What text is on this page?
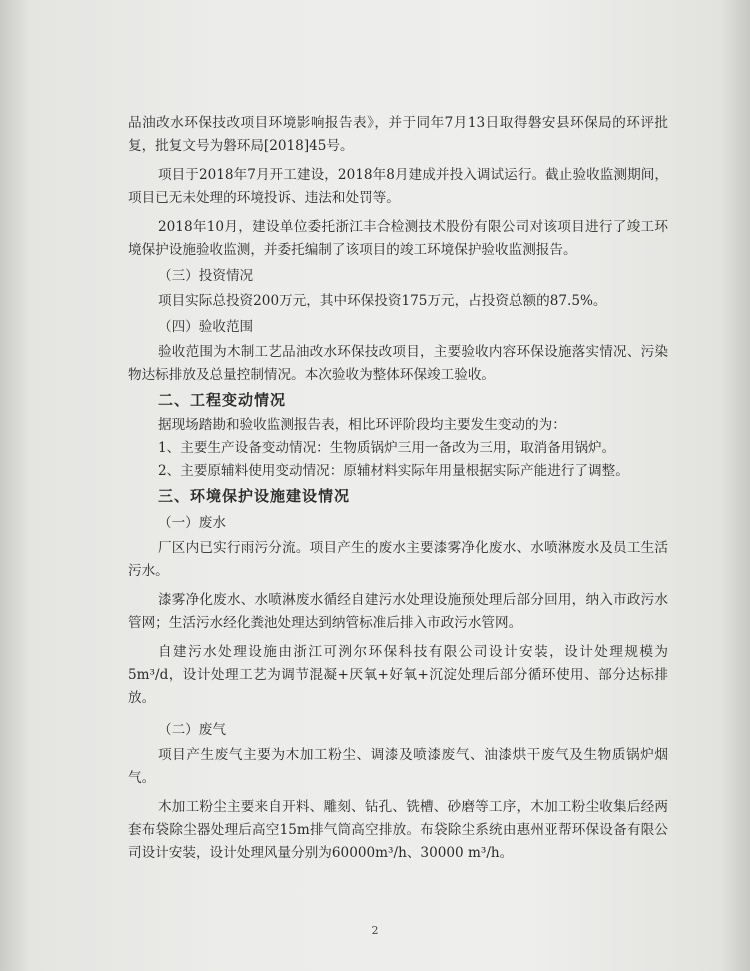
品油改水环保技改项目环境影响报告表》，并于同年7月13日取得磐安县环保局的环评批复，批复文号为磐环局[2018]45号。

项目于2018年7月开工建设，2018年8月建成并投入调试运行。截止验收监测期间，项目已无未处理的环境投诉、违法和处罚等。

2018年10月，建设单位委托浙江丰合检测技术股份有限公司对该项目进行了竣工环境保护设施验收监测，并委托编制了该项目的竣工环境保护验收监测报告。

（三）投资情况

项目实际总投资200万元，其中环保投资175万元，占投资总额的87.5%。

（四）验收范围

验收范围为木制工艺品油改水环保技改项目，主要验收内容环保设施落实情况、污染物达标排放及总量控制情况。本次验收为整体环保竣工验收。

二、工程变动情况

据现场踏勘和验收监测报告表，相比环评阶段均主要发生变动的为：

1、主要生产设备变动情况：生物质锅炉三用一备改为三用，取消备用锅炉。

2、主要原辅料使用变动情况：原辅材料实际年用量根据实际产能进行了调整。

三、环境保护设施建设情况

（一）废水

厂区内已实行雨污分流。项目产生的废水主要漆雾净化废水、水喷淋废水及员工生活污水。

漆雾净化废水、水喷淋废水循经自建污水处理设施预处理后部分回用，纳入市政污水管网；生活污水经化粪池处理达到纳管标准后排入市政污水管网。

自建污水处理设施由浙江可洌尔环保科技有限公司设计安装，设计处理规模为5m³/d，设计处理工艺为调节混凝+厌氧+好氧+沉淀处理后部分循环使用、部分达标排放。

（二）废气

项目产生废气主要为木加工粉尘、调漆及喷漆废气、油漆烘干废气及生物质锅炉烟气。

木加工粉尘主要来自开料、雕刻、钻孔、铣槽、砂磨等工序，木加工粉尘收集后经两套布袋除尘器处理后高空15m排气筒高空排放。布袋除尘系统由惠州亚帮环保设备有限公司设计安装，设计处理风量分别为60000m³/h、30000 m³/h。

2
